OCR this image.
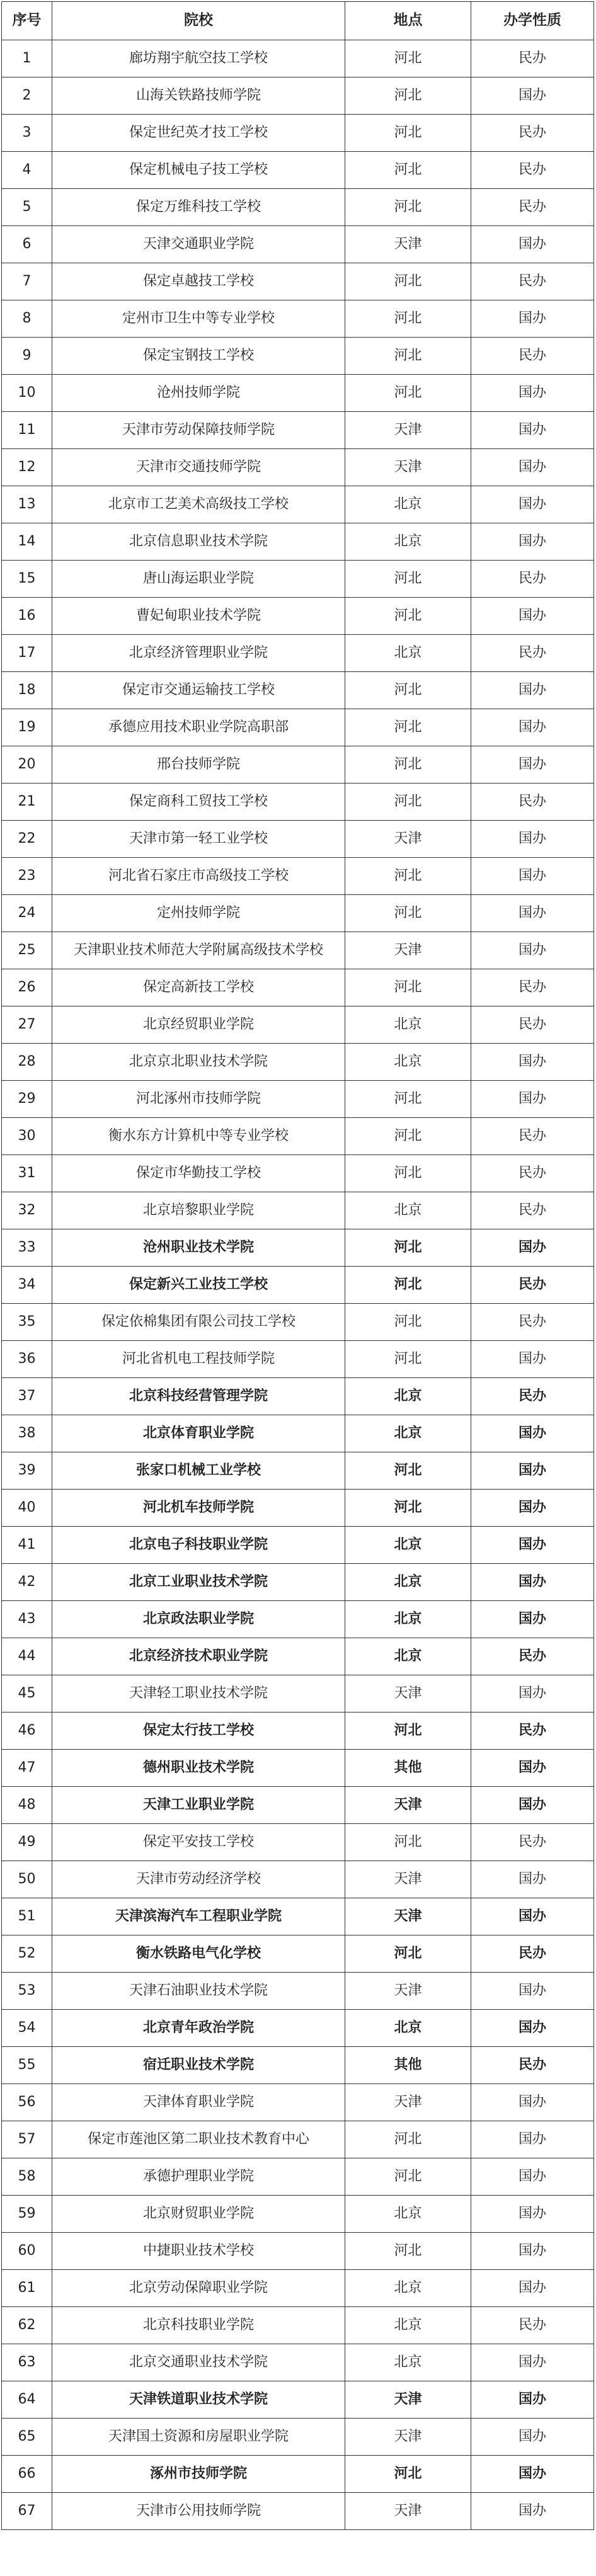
序号	院校	地点	办学性质
1	廊坊翔宇航空技工学校	河北	民办
2	山海关铁路技师学院	河北	国办
3	保定世纪英才技工学校	河北	民办
4	保定机械电子技工学校	河北	民办
5	保定万维科技工学校	河北	民办
6	天津交通职业学院	天津	国办
7	保定卓越技工学校	河北	民办
8	定州市卫生中等专业学校	河北	国办
9	保定宝钢技工学校	河北	民办
10	沧州技师学院	河北	国办
11	天津市劳动保障技师学院	天津	国办
12	天津市交通技师学院	天津	国办
13	北京市工艺美术高级技工学校	北京	国办
14	北京信息职业技术学院	北京	国办
15	唐山海运职业学院	河北	民办
16	曹妃甸职业技术学院	河北	国办
17	北京经济管理职业学院	北京	民办
18	保定市交通运输技工学校	河北	国办
19	承德应用技术职业学院高职部	河北	国办
20	邢台技师学院	河北	国办
21	保定商科工贸技工学校	河北	民办
22	天津市第一轻工业学校	天津	国办
23	河北省石家庄市高级技工学校	河北	国办
24	定州技师学院	河北	国办
25	天津职业技术师范大学附属高级技术学校	天津	国办
26	保定高新技工学校	河北	民办
27	北京经贸职业学院	北京	民办
28	北京京北职业技术学院	北京	国办
29	河北涿州市技师学院	河北	国办
30	衡水东方计算机中等专业学校	河北	民办
31	保定市华勤技工学校	河北	民办
32	北京培黎职业学院	北京	民办
33	沧州职业技术学院	河北	国办
34	保定新兴工业技工学校	河北	民办
35	保定依棉集团有限公司技工学校	河北	民办
36	河北省机电工程技师学院	河北	国办
37	北京科技经营管理学院	北京	民办
38	北京体育职业学院	北京	国办
39	张家口机械工业学校	河北	国办
40	河北机车技师学院	河北	国办
41	北京电子科技职业学院	北京	国办
42	北京工业职业技术学院	北京	国办
43	北京政法职业学院	北京	国办
44	北京经济技术职业学院	北京	民办
45	天津轻工职业技术学院	天津	国办
46	保定太行技工学校	河北	民办
47	德州职业技术学院	其他	国办
48	天津工业职业学院	天津	国办
49	保定平安技工学校	河北	民办
50	天津市劳动经济学校	天津	国办
51	天津滨海汽车工程职业学院	天津	国办
52	衡水铁路电气化学校	河北	民办
53	天津石油职业技术学院	天津	国办
54	北京青年政治学院	北京	国办
55	宿迁职业技术学院	其他	民办
56	天津体育职业学院	天津	国办
57	保定市莲池区第二职业技术教育中心	河北	国办
58	承德护理职业学院	河北	国办
59	北京财贸职业学院	北京	国办
60	中捷职业技术学校	河北	国办
61	北京劳动保障职业学院	北京	国办
62	北京科技职业学院	北京	民办
63	北京交通职业技术学院	北京	国办
64	天津铁道职业技术学院	天津	国办
65	天津国土资源和房屋职业学院	天津	国办
66	涿州市技师学院	河北	国办
67	天津市公用技师学院	天津	国办
